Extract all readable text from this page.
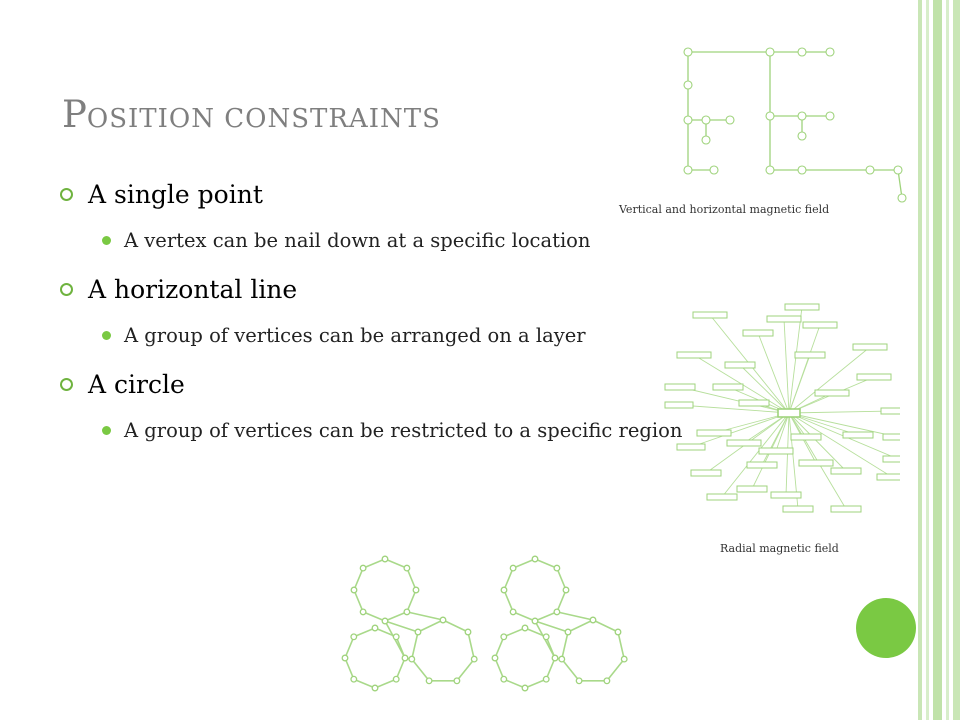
POSITION CONSTRAINTS
A single point
A vertex can be nail down at a specific location
A horizontal line
A group of vertices can be arranged on a layer
A circle
A group of vertices can be restricted to a specific region
Vertical and horizontal magnetic field
Radial magnetic field
